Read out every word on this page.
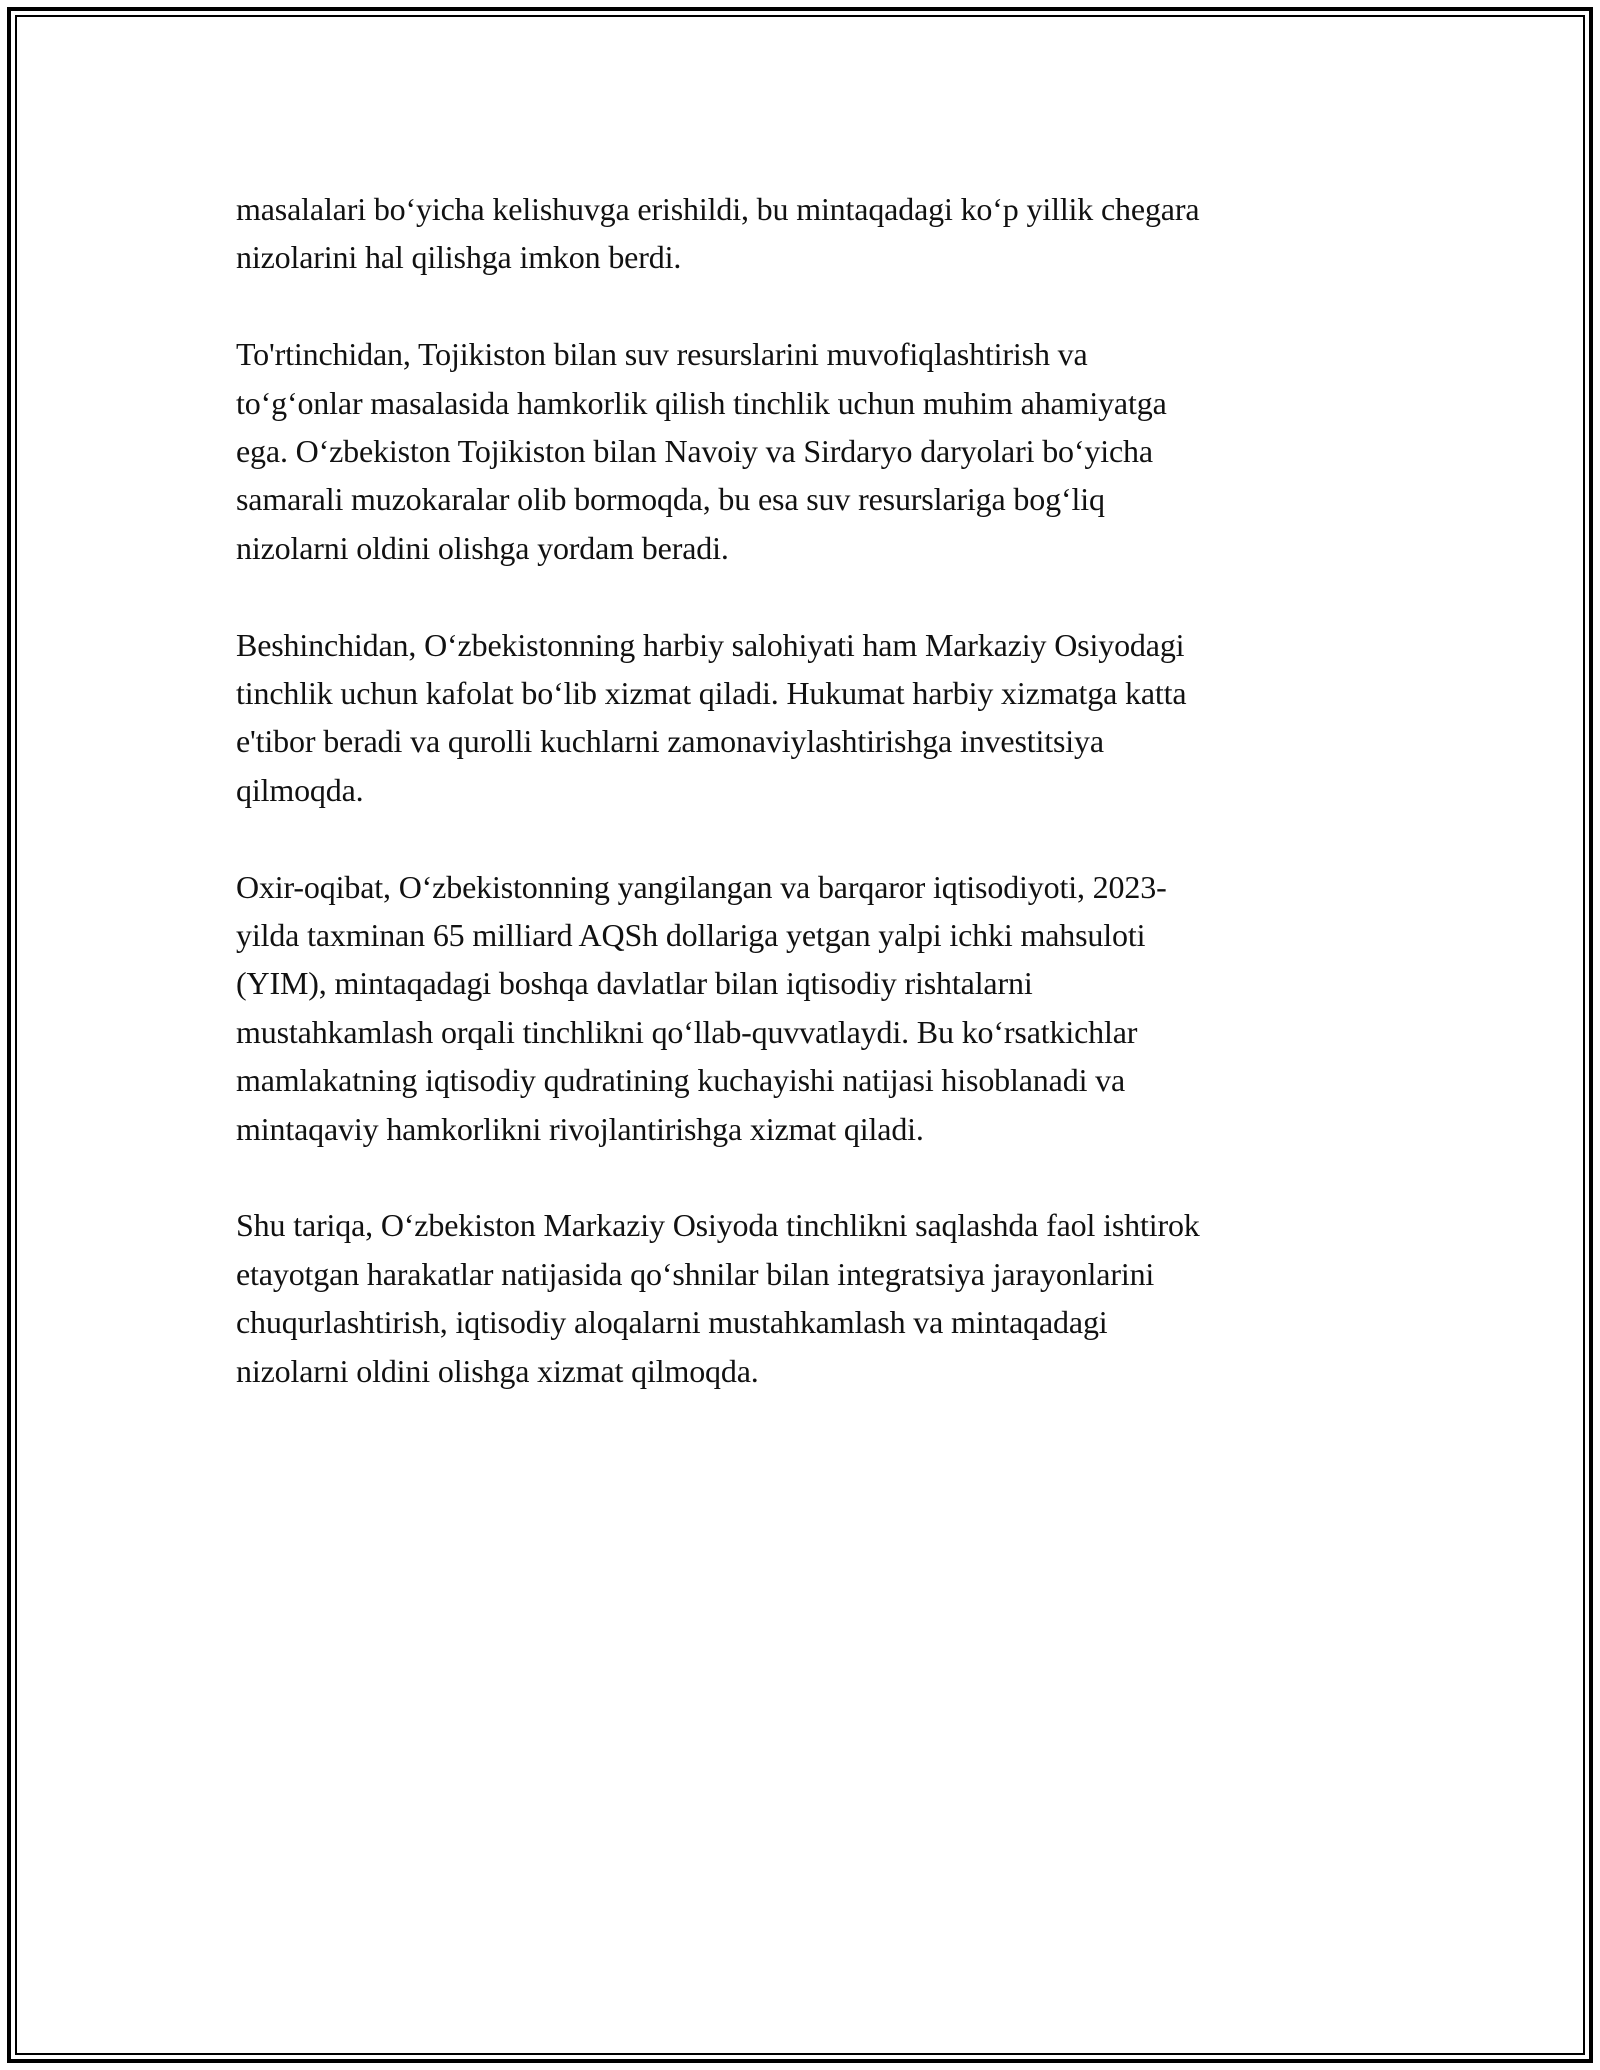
masalalari bo‘yicha kelishuvga erishildi, bu mintaqadagi ko‘p yillik chegara
nizolarini hal qilishga imkon berdi.

To'rtinchidan, Tojikiston bilan suv resurslarini muvofiqlashtirish va
to‘g‘onlar masalasida hamkorlik qilish tinchlik uchun muhim ahamiyatga
ega. O‘zbekiston Tojikiston bilan Navoiy va Sirdaryo daryolari bo‘yicha
samarali muzokaralar olib bormoqda, bu esa suv resurslariga bog‘liq
nizolarni oldini olishga yordam beradi.

Beshinchidan, O‘zbekistonning harbiy salohiyati ham Markaziy Osiyodagi
tinchlik uchun kafolat bo‘lib xizmat qiladi. Hukumat harbiy xizmatga katta
e'tibor beradi va qurolli kuchlarni zamonaviylashtirishga investitsiya
qilmoqda.

Oxir-oqibat, O‘zbekistonning yangilangan va barqaror iqtisodiyoti, 2023-
yilda taxminan 65 milliard AQSh dollariga yetgan yalpi ichki mahsuloti
(YIM), mintaqadagi boshqa davlatlar bilan iqtisodiy rishtalarni
mustahkamlash orqali tinchlikni qo‘llab-quvvatlaydi. Bu ko‘rsatkichlar
mamlakatning iqtisodiy qudratining kuchayishi natijasi hisoblanadi va
mintaqaviy hamkorlikni rivojlantirishga xizmat qiladi.

Shu tariqa, O‘zbekiston Markaziy Osiyoda tinchlikni saqlashda faol ishtirok
etayotgan harakatlar natijasida qo‘shnilar bilan integratsiya jarayonlarini
chuqurlashtirish, iqtisodiy aloqalarni mustahkamlash va mintaqadagi
nizolarni oldini olishga xizmat qilmoqda.
